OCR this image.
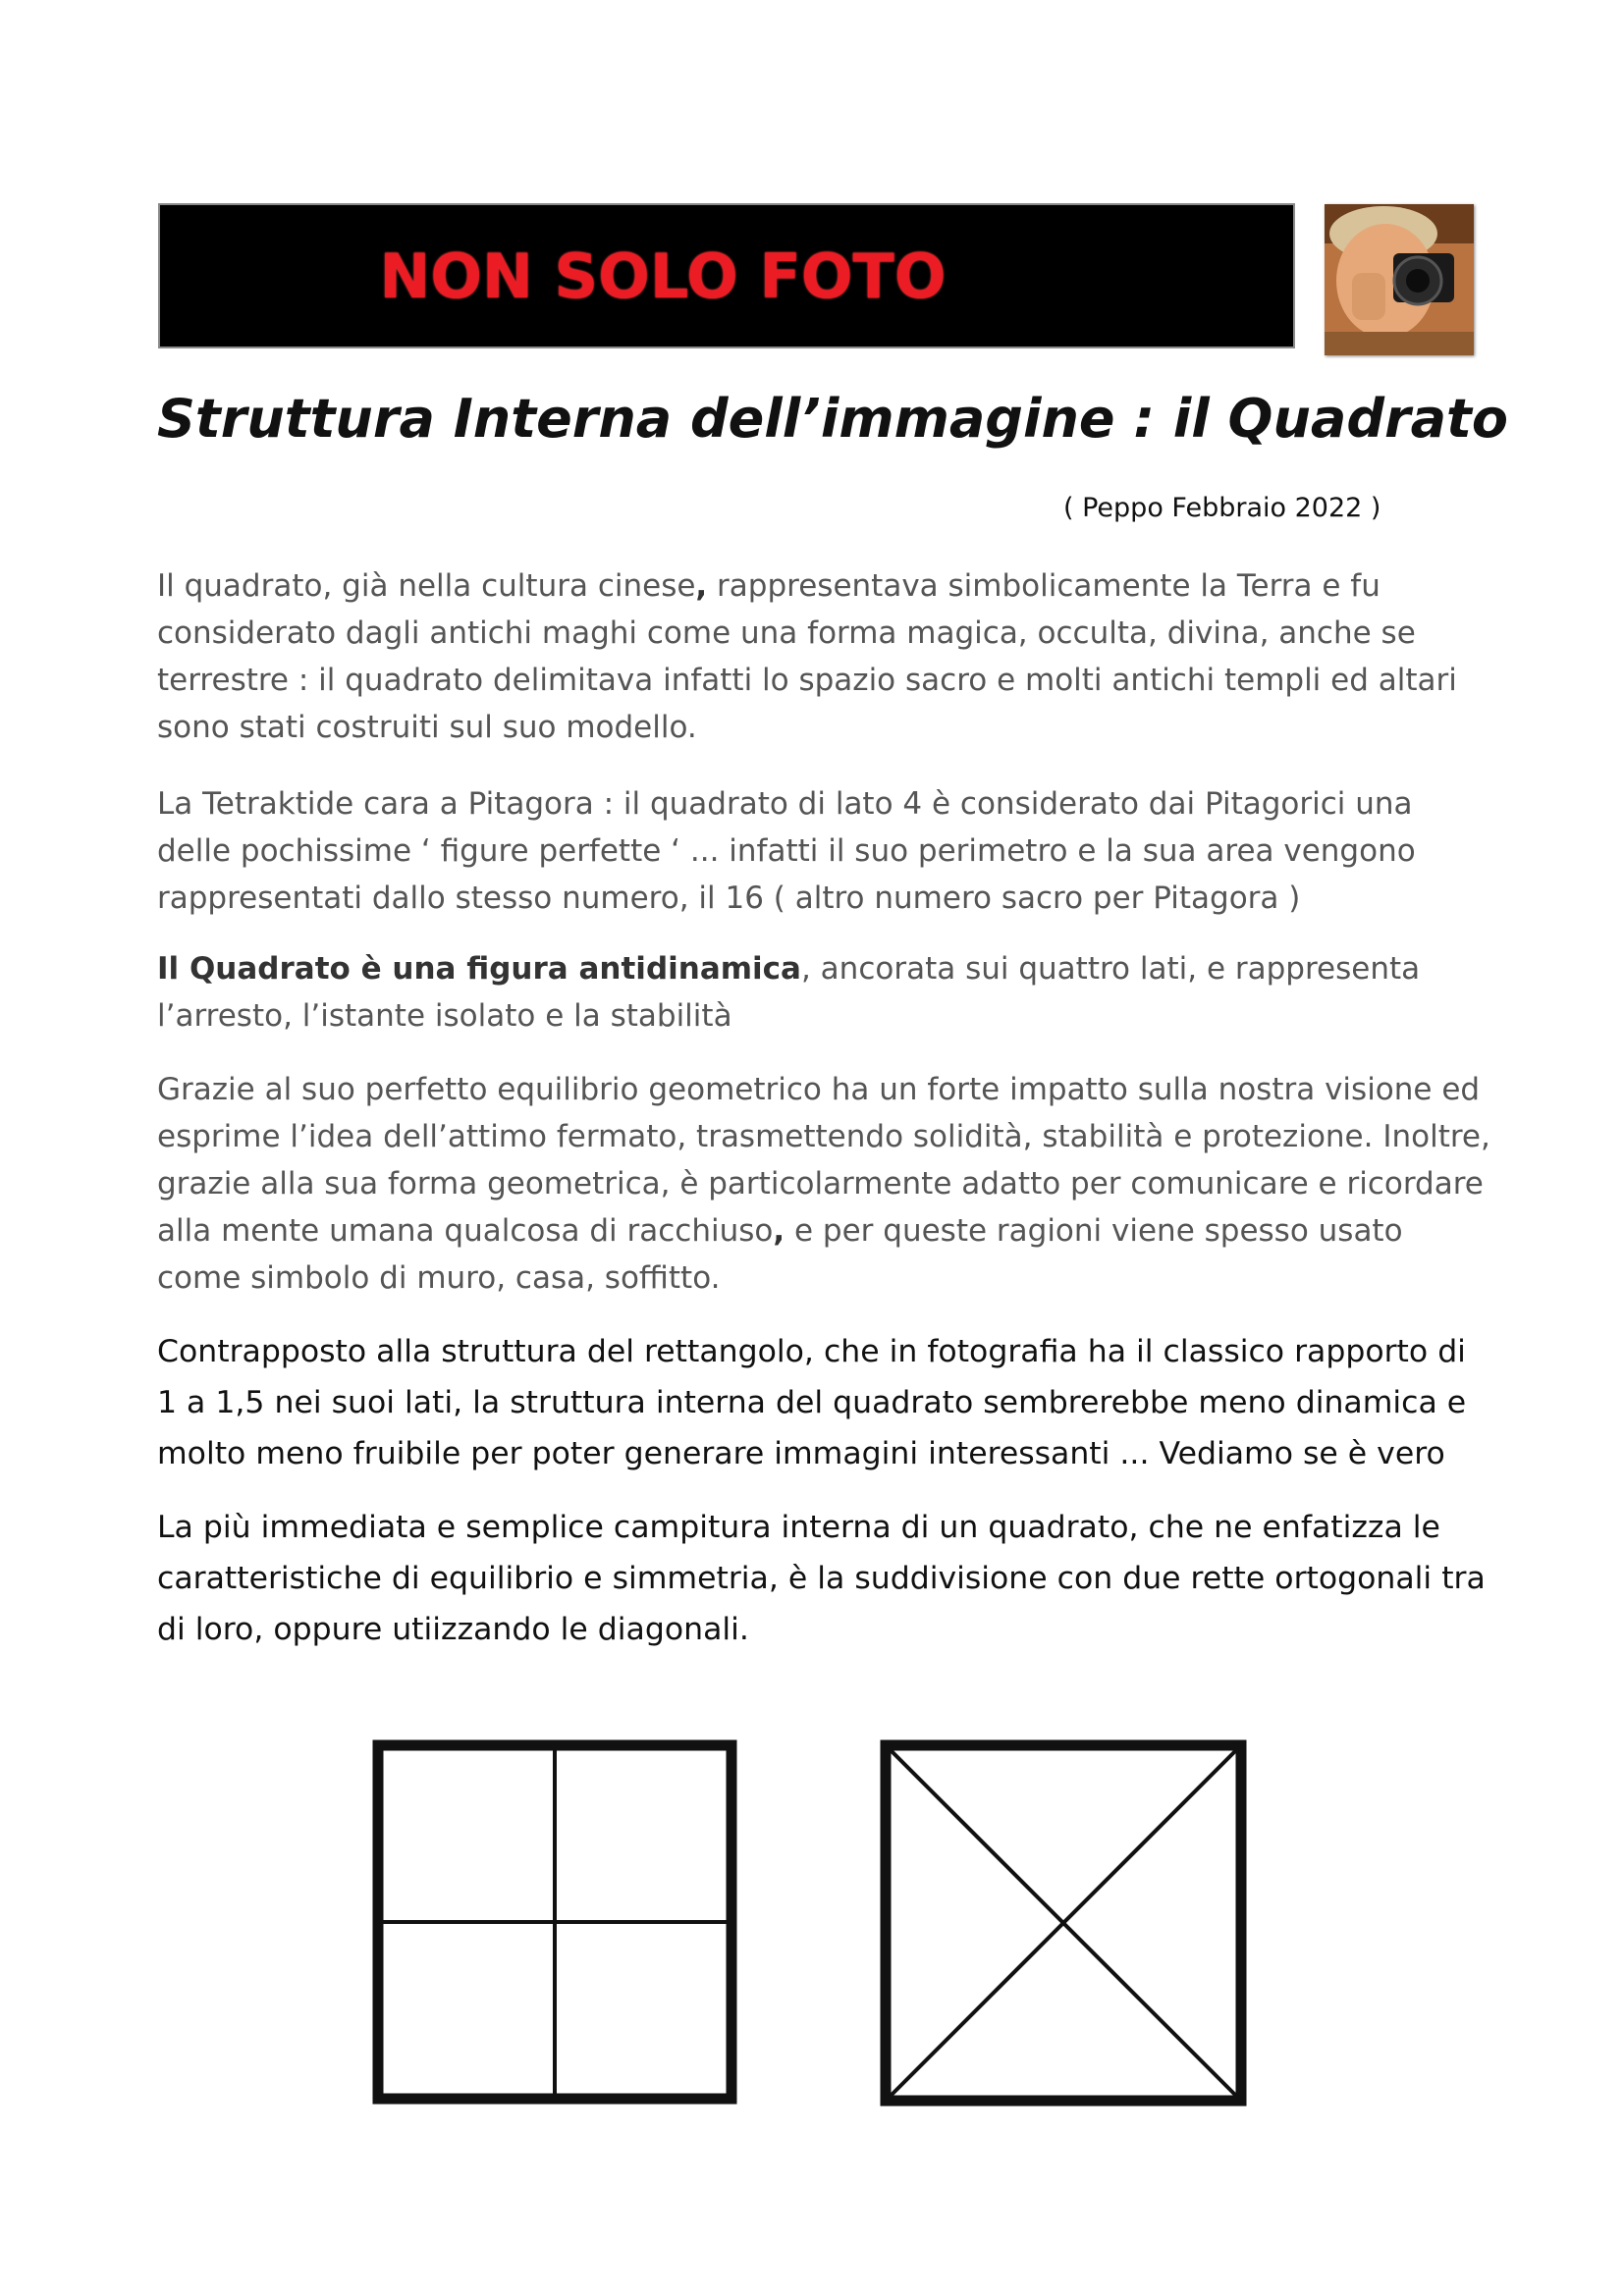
NON SOLO FOTO
Struttura Interna dell’immagine : il Quadrato
( Peppo Febbraio 2022 )

Il quadrato, già nella cultura cinese, rappresentava simbolicamente la Terra e fu considerato dagli antichi maghi come una forma magica, occulta, divina, anche se terrestre : il quadrato delimitava infatti lo spazio sacro e molti antichi templi ed altari sono stati costruiti sul suo modello.

La Tetraktide cara a Pitagora : il quadrato di lato 4 è considerato dai Pitagorici una delle pochissime ‘ figure perfette ‘ ... infatti il suo perimetro e la sua area vengono rappresentati dallo stesso numero, il 16 ( altro numero sacro per Pitagora )

Il Quadrato è una figura antidinamica, ancorata sui quattro lati, e rappresenta l’arresto, l’istante isolato e la stabilità

Grazie al suo perfetto equilibrio geometrico ha un forte impatto sulla nostra visione ed esprime l’idea dell’attimo fermato, trasmettendo solidità, stabilità e protezione. Inoltre, grazie alla sua forma geometrica, è particolarmente adatto per comunicare e ricordare alla mente umana qualcosa di racchiuso, e per queste ragioni viene spesso usato come simbolo di muro, casa, soffitto.

Contrapposto alla struttura del rettangolo, che in fotografia ha il classico rapporto di 1 a 1,5 nei suoi lati, la struttura interna del quadrato sembrerebbe meno dinamica e molto meno fruibile per poter generare immagini interessanti ... Vediamo se è vero

La più immediata e semplice campitura interna di un quadrato, che ne enfatizza le caratteristiche di equilibrio e simmetria, è la suddivisione con due rette ortogonali tra di loro, oppure utiizzando le diagonali.
